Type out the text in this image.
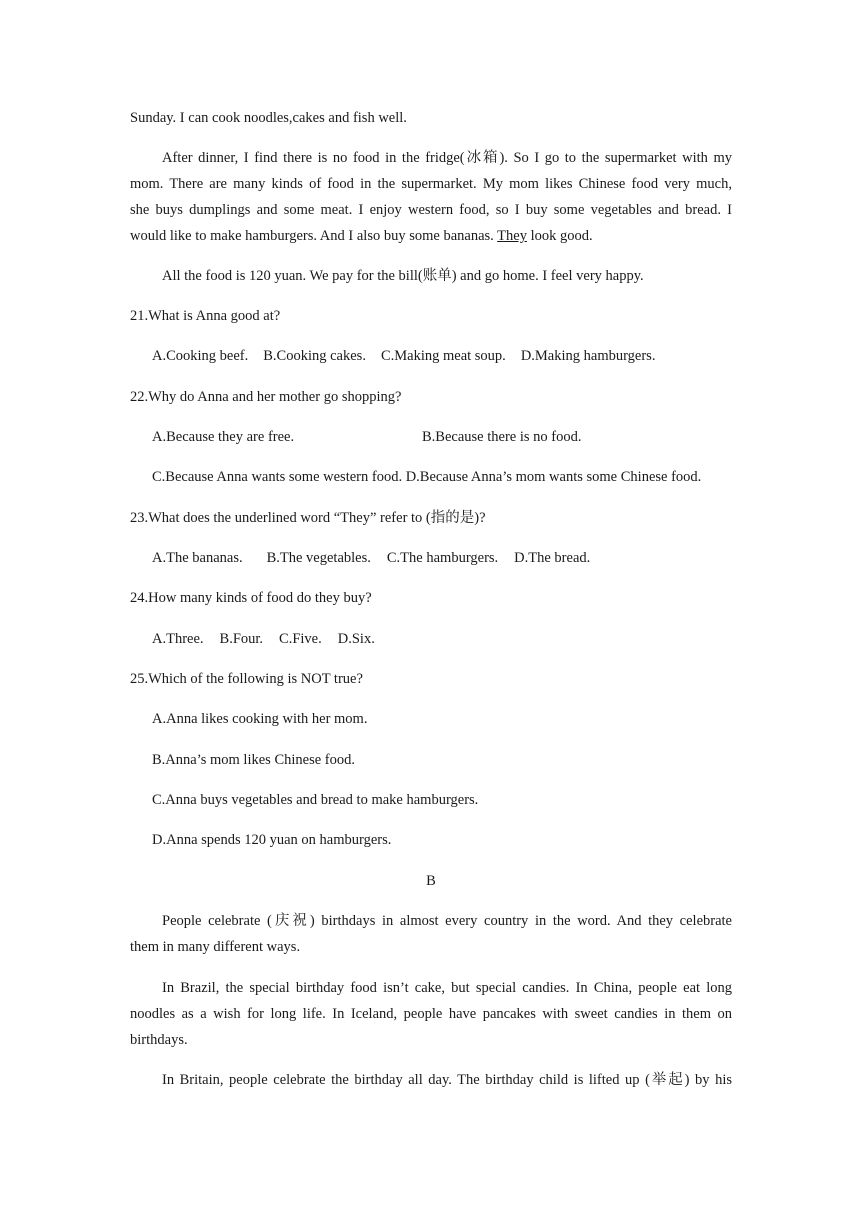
Sunday. I can cook noodles,cakes and fish well.
After dinner, I find there is no food in the fridge(冰箱). So I go to the supermarket with my
mom. There are many kinds of food in the supermarket. My mom likes Chinese food very much,
she buys dumplings and some meat. I enjoy western food, so I buy some vegetables and bread. I
would like to make hamburgers. And I also buy some bananas. They look good.
All the food is 120 yuan. We pay for the bill(账单) and go home. I feel very happy.
21.What is Anna good at?
A.Cooking beef. B.Cooking cakes. C.Making meat soup. D.Making hamburgers.
22.Why do Anna and her mother go shopping?
A.Because they are free.	B.Because there is no food.
C.Because Anna wants some western food. D.Because Anna’s mom wants some Chinese food.
23.What does the underlined word “They” refer to (指的是)?
A.The bananas. B.The vegetables. C.The hamburgers. D.The bread.
24.How many kinds of food do they buy?
A.Three. B.Four. C.Five. D.Six.
25.Which of the following is NOT true?
A.Anna likes cooking with her mom.
B.Anna’s mom likes Chinese food.
C.Anna buys vegetables and bread to make hamburgers.
D.Anna spends 120 yuan on hamburgers.
B
People celebrate (庆祝) birthdays in almost every country in the word. And they celebrate
them in many different ways.
In Brazil, the special birthday food isn’t cake, but special candies. In China, people eat long
noodles as a wish for long life. In Iceland, people have pancakes with sweet candies in them on
birthdays.
In Britain, people celebrate the birthday all day. The birthday child is lifted up (举起) by his
